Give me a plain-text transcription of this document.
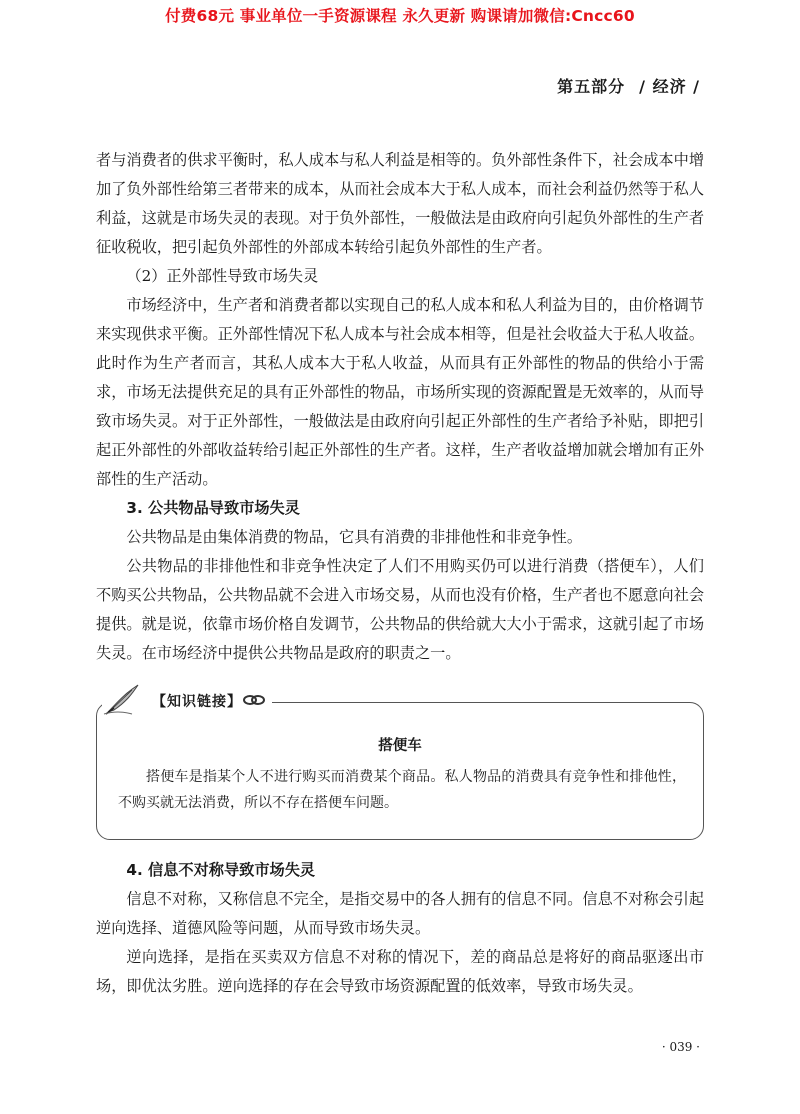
付费68元 事业单位一手资源课程 永久更新 购课请加微信:Cncc60
第五部分 / 经济 /

者与消费者的供求平衡时，私人成本与私人利益是相等的。负外部性条件下，社会成本中增加了负外部性给第三者带来的成本，从而社会成本大于私人成本，而社会利益仍然等于私人利益，这就是市场失灵的表现。对于负外部性，一般做法是由政府向引起负外部性的生产者征收税收，把引起负外部性的外部成本转给引起负外部性的生产者。

（2）正外部性导致市场失灵

市场经济中，生产者和消费者都以实现自己的私人成本和私人利益为目的，由价格调节来实现供求平衡。正外部性情况下私人成本与社会成本相等，但是社会收益大于私人收益。此时作为生产者而言，其私人成本大于私人收益，从而具有正外部性的物品的供给小于需求，市场无法提供充足的具有正外部性的物品，市场所实现的资源配置是无效率的，从而导致市场失灵。对于正外部性，一般做法是由政府向引起正外部性的生产者给予补贴，即把引起正外部性的外部收益转给引起正外部性的生产者。这样，生产者收益增加就会增加有正外部性的生产活动。

3. 公共物品导致市场失灵

公共物品是由集体消费的物品，它具有消费的非排他性和非竞争性。

公共物品的非排他性和非竞争性决定了人们不用购买仍可以进行消费（搭便车），人们不购买公共物品，公共物品就不会进入市场交易，从而也没有价格，生产者也不愿意向社会提供。就是说，依靠市场价格自发调节，公共物品的供给就大大小于需求，这就引起了市场失灵。在市场经济中提供公共物品是政府的职责之一。

【知识链接】
搭便车
搭便车是指某个人不进行购买而消费某个商品。私人物品的消费具有竞争性和排他性，不购买就无法消费，所以不存在搭便车问题。

4. 信息不对称导致市场失灵

信息不对称，又称信息不完全，是指交易中的各人拥有的信息不同。信息不对称会引起逆向选择、道德风险等问题，从而导致市场失灵。

逆向选择，是指在买卖双方信息不对称的情况下，差的商品总是将好的商品驱逐出市场，即优汰劣胜。逆向选择的存在会导致市场资源配置的低效率，导致市场失灵。

· 039 ·
